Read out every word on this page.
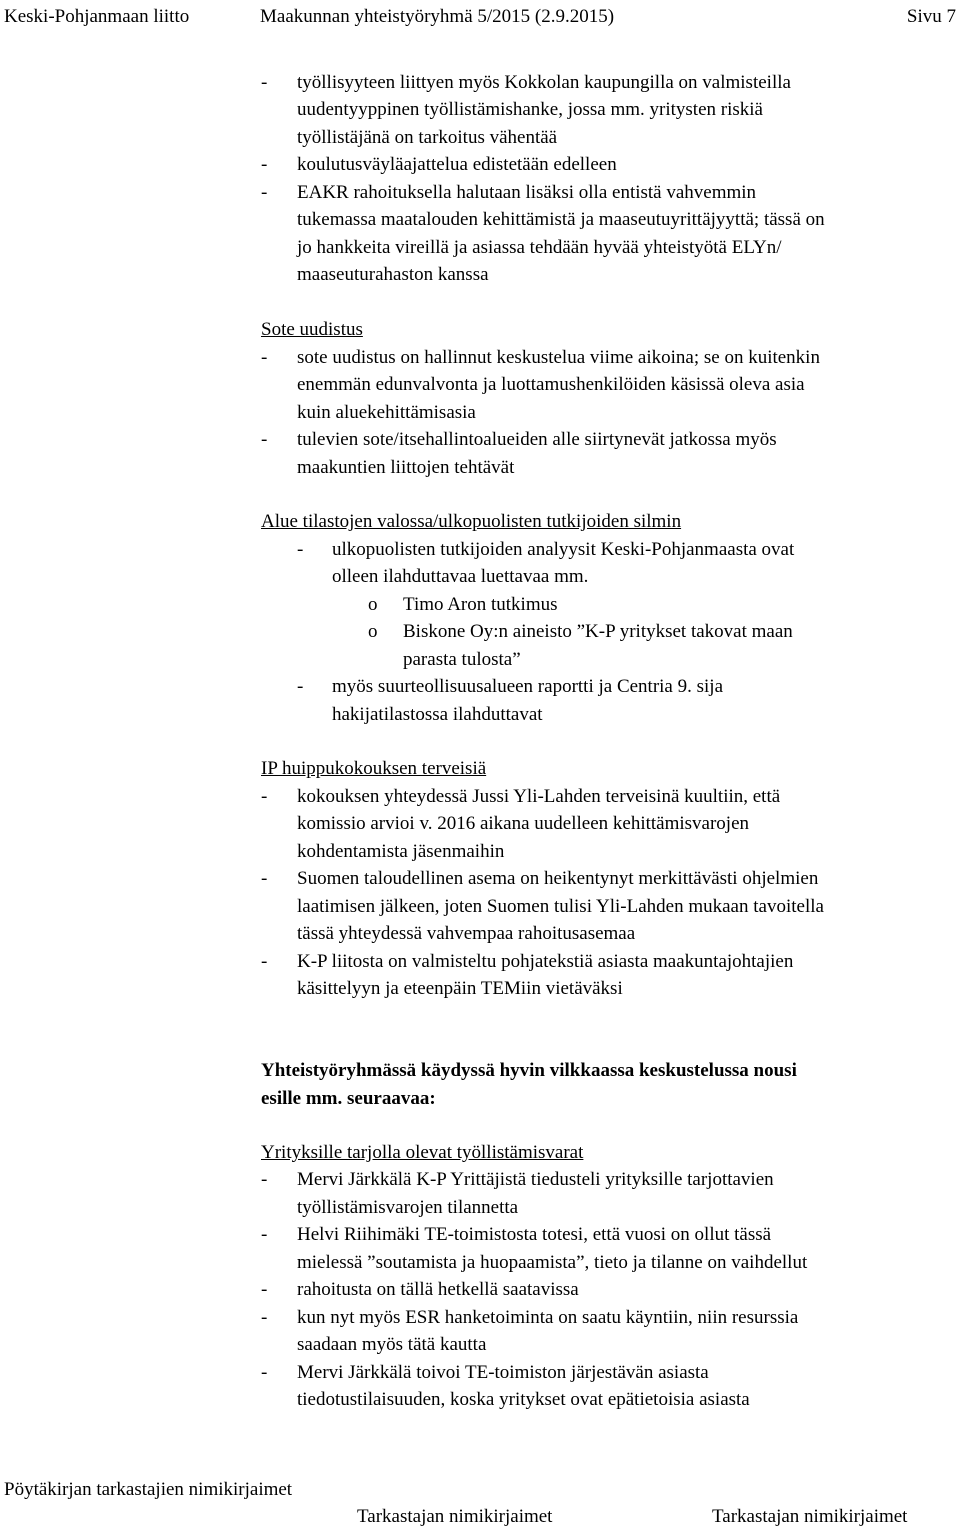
Keski-Pohjanmaan liitto	Maakunnan yhteistyöryhmä 5/2015 (2.9.2015)	Sivu 7
- työllisyyteen liittyen myös Kokkolan kaupungilla on valmisteilla
uudentyyppinen työllistämishanke, jossa mm. yritysten riskiä
työllistäjänä on tarkoitus vähentää
- koulutusväyläajattelua edistetään edelleen
- EAKR rahoituksella halutaan lisäksi olla entistä vahvemmin
tukemassa maatalouden kehittämistä ja maaseutuyrittäjyyttä; tässä on
jo hankkeita vireillä ja asiassa tehdään hyvää yhteistyötä ELYn/
maaseuturahaston kanssa
Sote uudistus
- sote uudistus on hallinnut keskustelua viime aikoina; se on kuitenkin
enemmän edunvalvonta ja luottamushenkilöiden käsissä oleva asia
kuin aluekehittämisasia
- tulevien sote/itsehallintoalueiden alle siirtynevät jatkossa myös
maakuntien liittojen tehtävät
Alue tilastojen valossa/ulkopuolisten tutkijoiden silmin
- ulkopuolisten tutkijoiden analyysit Keski-Pohjanmaasta ovat
olleen ilahduttavaa luettavaa mm.
o Timo Aron tutkimus
o Biskone Oy:n aineisto ”K-P yritykset takovat maan
parasta tulosta”
- myös suurteollisuusalueen raportti ja Centria 9. sija
hakijatilastossa ilahduttavat
IP huippukokouksen terveisiä
- kokouksen yhteydessä Jussi Yli-Lahden terveisinä kuultiin, että
komissio arvioi v. 2016 aikana uudelleen kehittämisvarojen
kohdentamista jäsenmaihin
- Suomen taloudellinen asema on heikentynyt merkittävästi ohjelmien
laatimisen jälkeen, joten Suomen tulisi Yli-Lahden mukaan tavoitella
tässä yhteydessä vahvempaa rahoitusasemaa
- K-P liitosta on valmisteltu pohjatekstiä asiasta maakuntajohtajien
käsittelyyn ja eteenpäin TEMiin vietäväksi
Yhteistyöryhmässä käydyssä hyvin vilkkaassa keskustelussa nousi
esille mm. seuraavaa:
Yrityksille tarjolla olevat työllistämisvarat
- Mervi Järkkälä K-P Yrittäjistä tiedusteli yrityksille tarjottavien
työllistämisvarojen tilannetta
- Helvi Riihimäki TE-toimistosta totesi, että vuosi on ollut tässä
mielessä ”soutamista ja huopaamista”, tieto ja tilanne on vaihdellut
- rahoitusta on tällä hetkellä saatavissa
- kun nyt myös ESR hanketoiminta on saatu käyntiin, niin resurssia
saadaan myös tätä kautta
- Mervi Järkkälä toivoi TE-toimiston järjestävän asiasta
tiedotustilaisuuden, koska yritykset ovat epätietoisia asiasta
Pöytäkirjan tarkastajien nimikirjaimet
Tarkastajan nimikirjaimet	Tarkastajan nimikirjaimet
